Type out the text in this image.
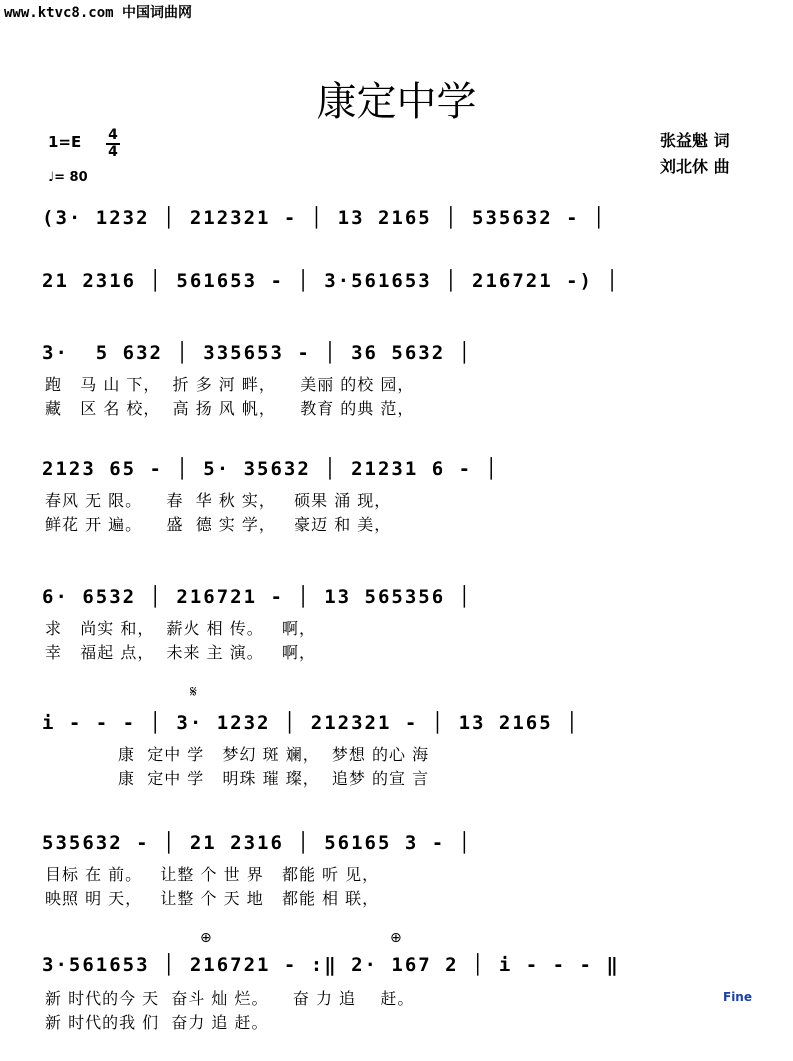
www.ktvc8.com 中国词曲网
康定中学
张益魁 词
刘北休 曲
1=E 4
4
♩= 80
(3· 1232 │ 212321 - │ 13 2165 │ 535632 - │
21 2316 │ 561653 - │ 3·561653 │ 216721 -) │
3·  5 632 │ 335653 - │ 36 5632 │
跑   马 山 下，  折 多 河 畔，    美丽 的校 园，
藏   区 名 校，  高 扬 风 帆，    教育 的典 范，
2123 65 - │ 5· 35632 │ 21231 6 - │
春风 无 限。    春  华 秋 实，   硕果 涌 现，
鲜花 开 遍。    盛  德 实 学，   豪迈 和 美，
6· 6532 │ 216721 - │ 13 565356 │
求   尚实 和，  薪火 相 传。   啊，
幸   福起 点，  未来 主 演。   啊，
𝄋
i - - - │ 3· 1232 │ 212321 - │ 13 2165 │
康  定中 学   梦幻 斑 斓，  梦想 的心 海
康  定中 学   明珠 璀 璨，  追梦 的宣 言
535632 - │ 21 2316 │ 56165 3 - │
目标 在 前。   让整 个 世 界   都能 听 见，
映照 明 天，   让整 个 天 地   都能 相 联，
⊕	⊕
3·561653 │ 216721 - :‖ 2· 167 2 │ i - - - ‖
新 时代的今 天  奋斗 灿 烂。    奋 力 追    赶。
新 时代的我 们  奋力 追 赶。
Fine
